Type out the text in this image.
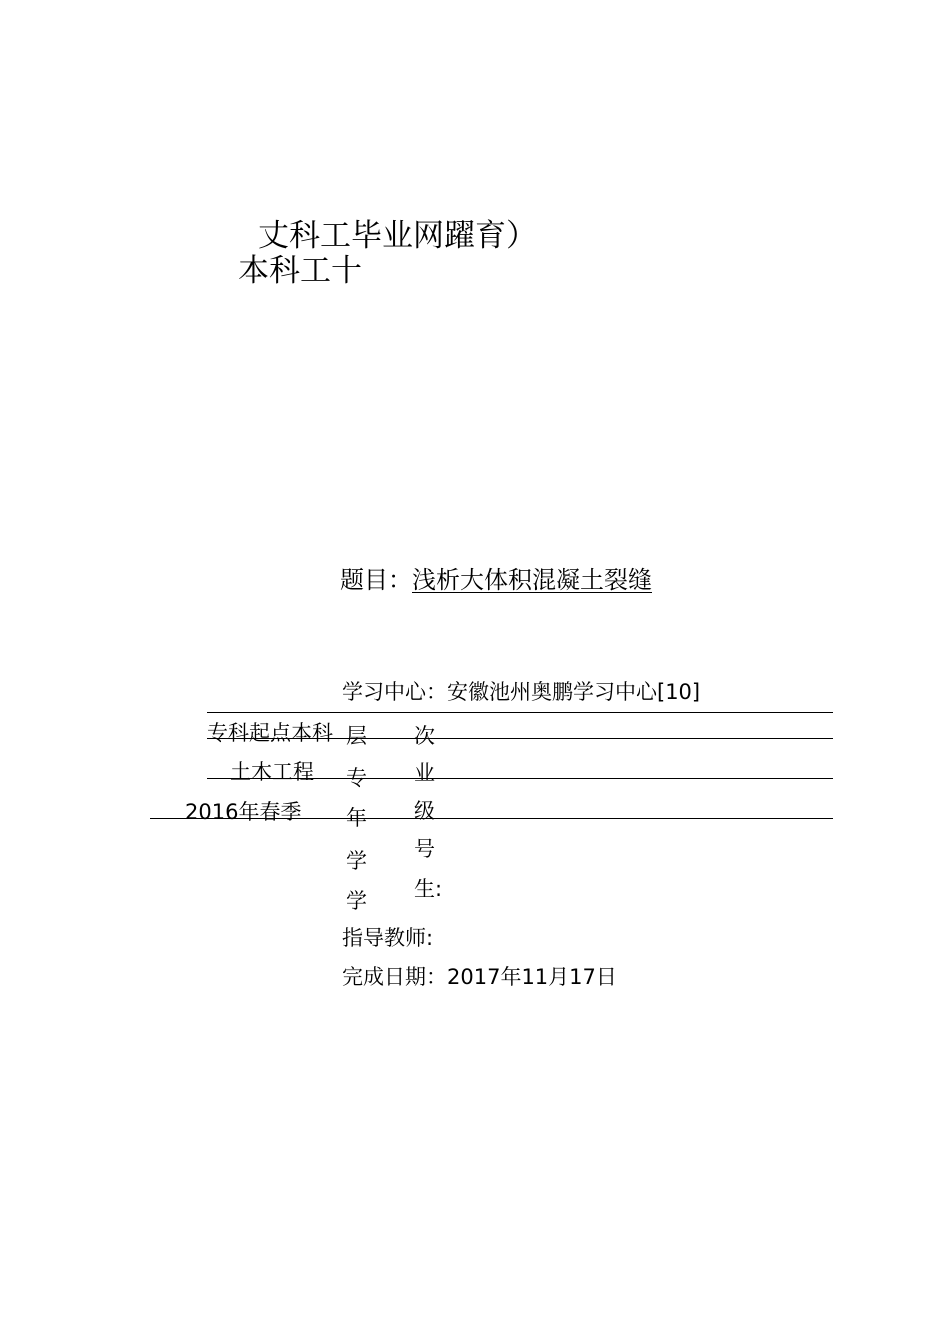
丈科工毕业网躍育）
本科工十
题目：浅析大体积混凝土裂缝
学习中心：安徽池州奥鹏学习中心[10]
专科起点本科
土木工程
2016年春季
层
专
年
学
学
次
业
级
号
生:
指导教师:
完成日期：2017年11月17日
